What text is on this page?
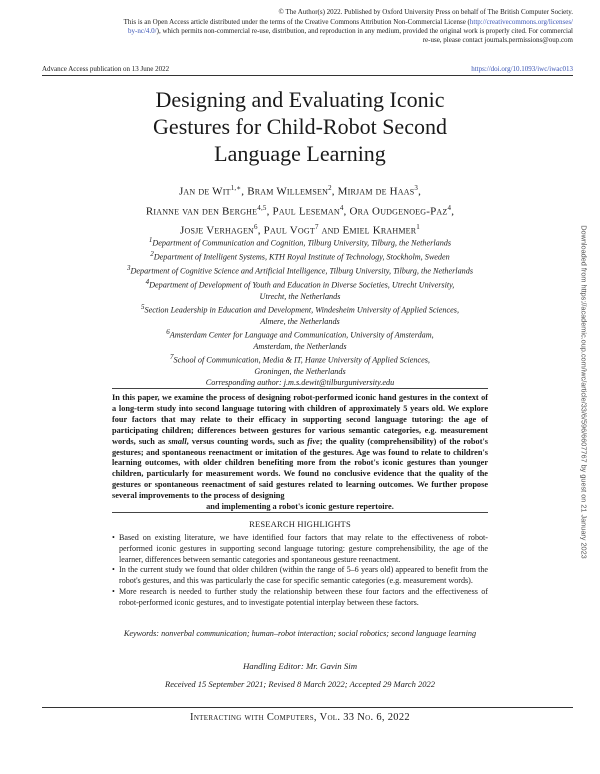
© The Author(s) 2022. Published by Oxford University Press on behalf of The British Computer Society.
This is an Open Access article distributed under the terms of the Creative Commons Attribution Non-Commercial License (http://creativecommons.org/licenses/
by-nc/4.0/), which permits non-commercial re-use, distribution, and reproduction in any medium, provided the original work is properly cited. For commercial
re-use, please contact journals.permissions@oup.com
Advance Access publication on 13 June 2022	https://doi.org/10.1093/iwc/iwac013
Designing and Evaluating Iconic
Gestures for Child-Robot Second
Language Learning
Jan de Wit$^{1,∗}$, Bram Willemsen$^2$, Mirjam de Haas$^3$,
Rianne van den Berghe$^{4,5}$, Paul Leseman$^4$, Ora Oudgenoeg-Paz$^4$,
Josje Verhagen$^6$, Paul Vogt$^7$ and Emiel Krahmer$^1$
$^1$Department of Communication and Cognition, Tilburg University, Tilburg, the Netherlands
$^2$Department of Intelligent Systems, KTH Royal Institute of Technology, Stockholm, Sweden
$^3$Department of Cognitive Science and Artificial Intelligence, Tilburg University, Tilburg, the Netherlands
$^4$Department of Development of Youth and Education in Diverse Societies, Utrecht University,
Utrecht, the Netherlands
$^5$Section Leadership in Education and Development, Windesheim University of Applied Sciences,
Almere, the Netherlands
$^6$Amsterdam Center for Language and Communication, University of Amsterdam,
Amsterdam, the Netherlands
$^7$School of Communication, Media & IT, Hanze University of Applied Sciences,
Groningen, the Netherlands
Corresponding author: j.m.s.dewit@tilburguniversity.edu
In this paper, we examine the process of designing robot-performed iconic hand gestures in the context of a long-term study into second language tutoring with children of approximately 5 years old. We explore four factors that may relate to their efficacy in supporting second language tutoring: the age of participating children; differences between gestures for various semantic categories, e.g. measurement words, such as small, versus counting words, such as five; the quality (comprehensibility) of the robot's gestures; and spontaneous reenactment or imitation of the gestures. Age was found to relate to children's learning outcomes, with older children benefiting more from the robot's iconic gestures than younger children, particularly for measurement words. We found no conclusive evidence that the quality of the gestures or spontaneous reenactment of said gestures related to learning outcomes. We further propose several improvements to the process of designing
and implementing a robot's iconic gesture repertoire.
RESEARCH HIGHLIGHTS
• Based on existing literature, we have identified four factors that may relate to the effectiveness of robot-performed iconic gestures in supporting second language tutoring: gesture comprehensibility, the age of the learner, differences between semantic categories and spontaneous gesture reenactment.
• In the current study we found that older children (within the range of 5–6 years old) appeared to benefit from the robot's gestures, and this was particularly the case for specific semantic categories (e.g. measurement words).
• More research is needed to further study the relationship between these four factors and the effectiveness of robot-performed iconic gestures, and to investigate potential interplay between these factors.
Keywords: nonverbal communication; human–robot interaction; social robotics; second language learning
Handling Editor: Mr. Gavin Sim
Received 15 September 2021; Revised 8 March 2022; Accepted 29 March 2022
Interacting with Computers, Vol. 33 No. 6, 2022
Downloaded from https://academic.oup.com/iwc/article/33/6/596/6607767 by guest on 21 January 2023
